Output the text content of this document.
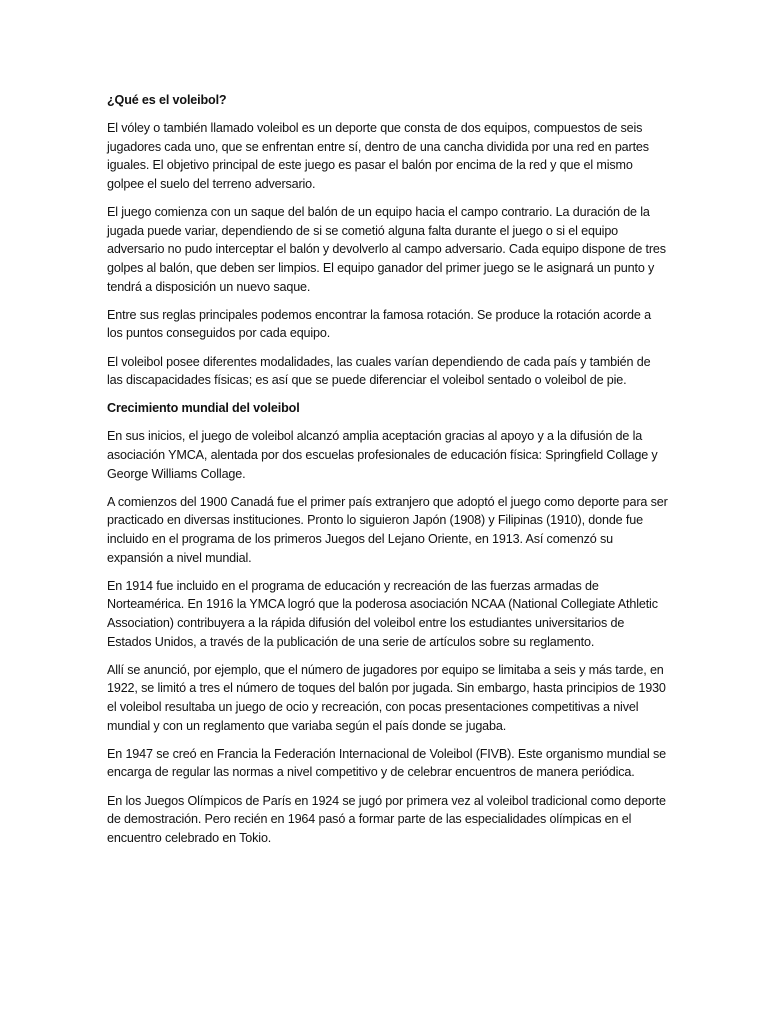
¿Qué es el voleibol?

El vóley o también llamado voleibol es un deporte que consta de dos equipos, compuestos de seis jugadores cada uno, que se enfrentan entre sí, dentro de una cancha dividida por una red en partes iguales. El objetivo principal de este juego es pasar el balón por encima de la red y que el mismo golpee el suelo del terreno adversario.

El juego comienza con un saque del balón de un equipo hacia el campo contrario. La duración de la jugada puede variar, dependiendo de si se cometió alguna falta durante el juego o si el equipo adversario no pudo interceptar el balón y devolverlo al campo adversario. Cada equipo dispone de tres golpes al balón, que deben ser limpios. El equipo ganador del primer juego se le asignará un punto y tendrá a disposición un nuevo saque.

Entre sus reglas principales podemos encontrar la famosa rotación. Se produce la rotación acorde a los puntos conseguidos por cada equipo.

El voleibol posee diferentes modalidades, las cuales varían dependiendo de cada país y también de las discapacidades físicas; es así que se puede diferenciar el voleibol sentado o voleibol de pie.

Crecimiento mundial del voleibol

En sus inicios, el juego de voleibol alcanzó amplia aceptación gracias al apoyo y a la difusión de la asociación YMCA, alentada por dos escuelas profesionales de educación física: Springfield Collage y George Williams Collage.

A comienzos del 1900 Canadá fue el primer país extranjero que adoptó el juego como deporte para ser practicado en diversas instituciones. Pronto lo siguieron Japón (1908) y Filipinas (1910), donde fue incluido en el programa de los primeros Juegos del Lejano Oriente, en 1913. Así comenzó su expansión a nivel mundial.

En 1914 fue incluido en el programa de educación y recreación de las fuerzas armadas de Norteamérica. En 1916 la YMCA logró que la poderosa asociación NCAA (National Collegiate Athletic Association) contribuyera a la rápida difusión del voleibol entre los estudiantes universitarios de Estados Unidos, a través de la publicación de una serie de artículos sobre su reglamento.

Allí se anunció, por ejemplo, que el número de jugadores por equipo se limitaba a seis y más tarde, en 1922, se limitó a tres el número de toques del balón por jugada. Sin embargo, hasta principios de 1930 el voleibol resultaba un juego de ocio y recreación, con pocas presentaciones competitivas a nivel mundial y con un reglamento que variaba según el país donde se jugaba.

En 1947 se creó en Francia la Federación Internacional de Voleibol (FIVB). Este organismo mundial se encarga de regular las normas a nivel competitivo y de celebrar encuentros de manera periódica.

En los Juegos Olímpicos de París en 1924 se jugó por primera vez al voleibol tradicional como deporte de demostración. Pero recién en 1964 pasó a formar parte de las especialidades olímpicas en el encuentro celebrado en Tokio.
